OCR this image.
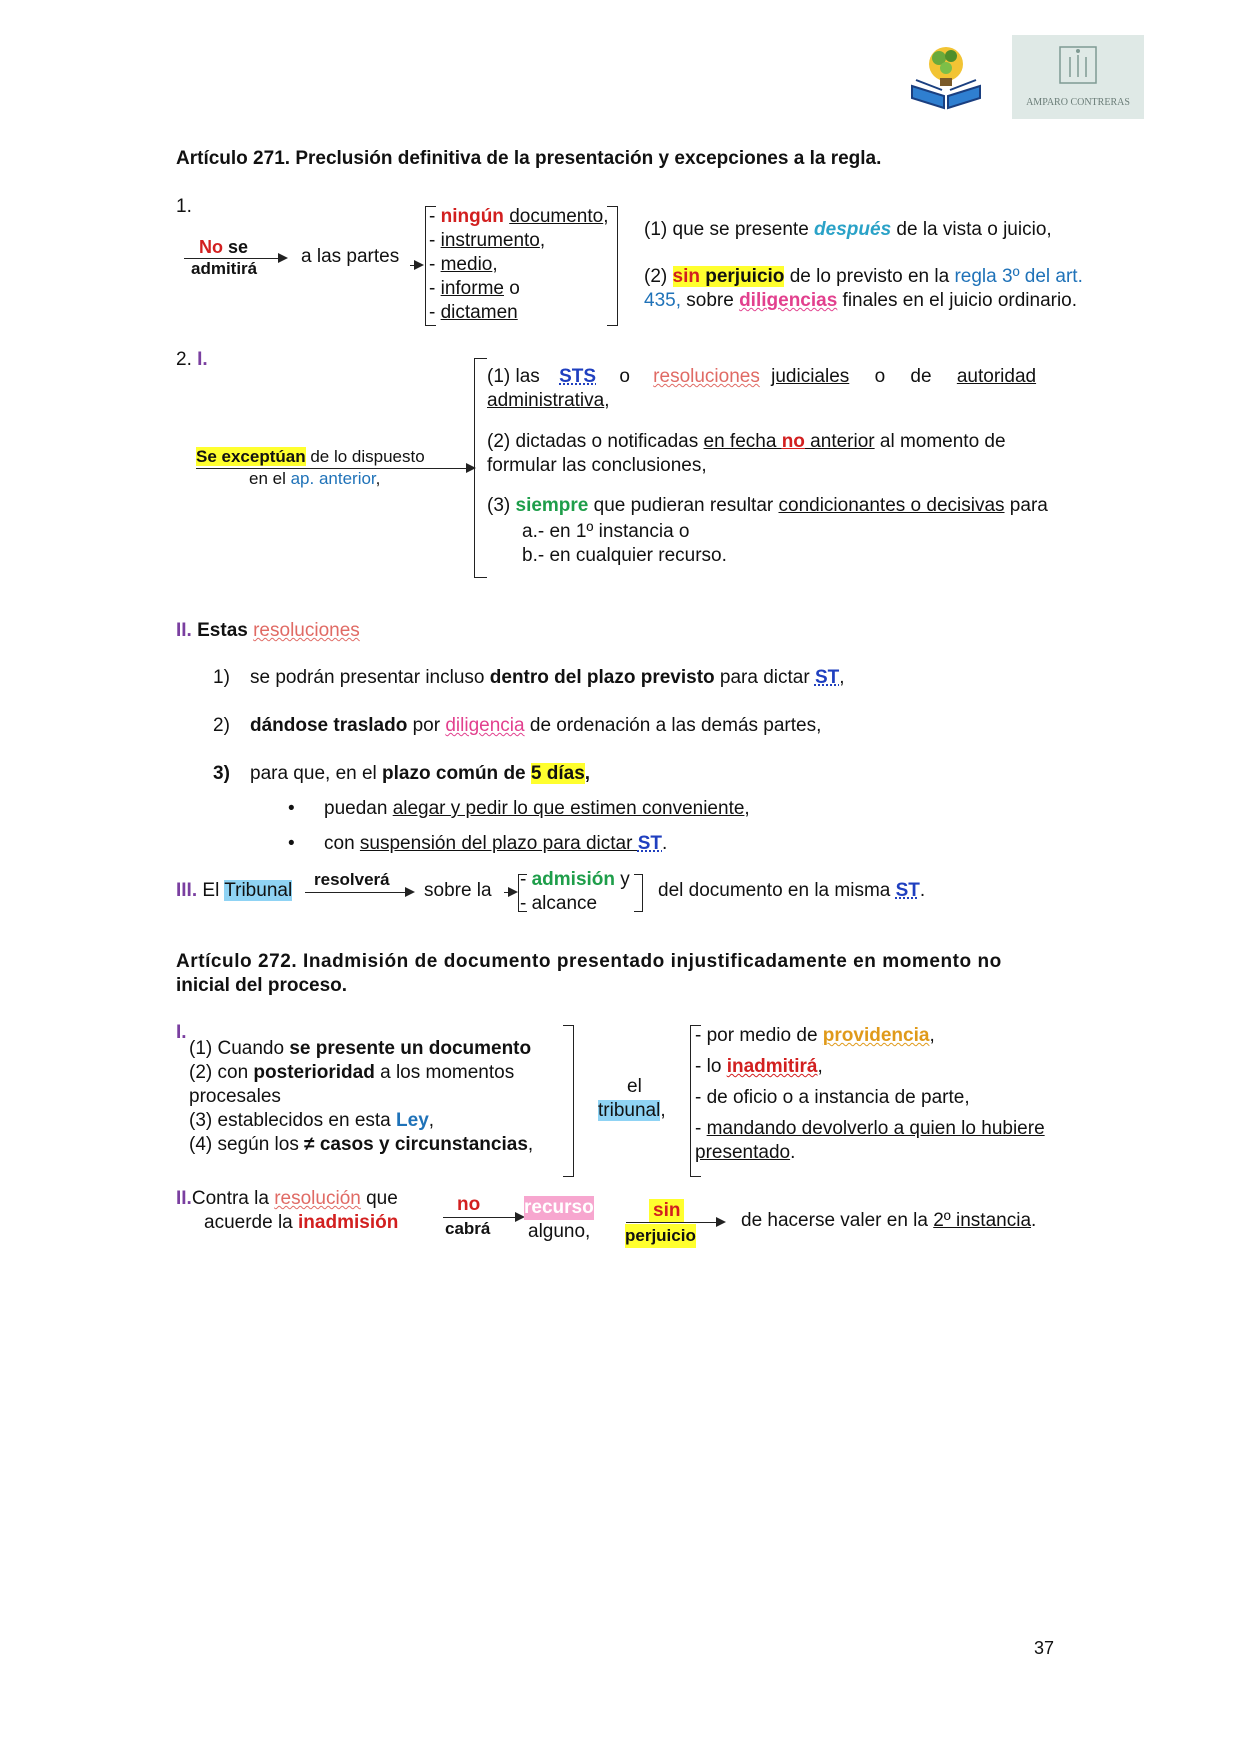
AMPARO CONTRERAS
Artículo 271. Preclusión definitiva de la presentación y excepciones a la regla.
1.
No se
admitirá
a las partes
- ningún documento,
- instrumento,
- medio,
- informe o
- dictamen
(1) que se presente después de la vista o juicio,
(2) sin perjuicio de lo previsto en la regla 3º del art.
435, sobre diligencias finales en el juicio ordinario.
2. I.
Se exceptúan de lo dispuesto
en el ap. anterior,
(1) las STS o resoluciones judiciales o de autoridad
administrativa,
(2) dictadas o notificadas en fecha no anterior al momento de
formular las conclusiones,
(3) siempre que pudieran resultar condicionantes o decisivas para
a.- en 1º instancia o
b.- en cualquier recurso.
II. Estas resoluciones
1) se podrán presentar incluso dentro del plazo previsto para dictar ST,
2) dándose traslado por diligencia de ordenación a las demás partes,
3) para que, en el plazo común de 5 días,
• puedan alegar y pedir lo que estimen conveniente,
• con suspensión del plazo para dictar ST.
III. El Tribunal
resolverá
sobre la
- admisión y
- alcance
del documento en la misma ST.
Artículo 272. Inadmisión de documento presentado injustificadamente en momento no
inicial del proceso.
I.
(1) Cuando se presente un documento
(2) con posterioridad a los momentos
procesales
(3) establecidos en esta Ley,
(4) según los ≠ casos y circunstancias,
el
tribunal,
- por medio de providencia,
- lo inadmitirá,
- de oficio o a instancia de parte,
- mandando devolverlo a quien lo hubiere
presentado.
II.Contra la resolución que
acuerde la inadmisión
no
cabrá
recurso
alguno,
sin
perjuicio
de hacerse valer en la 2º instancia.
37
